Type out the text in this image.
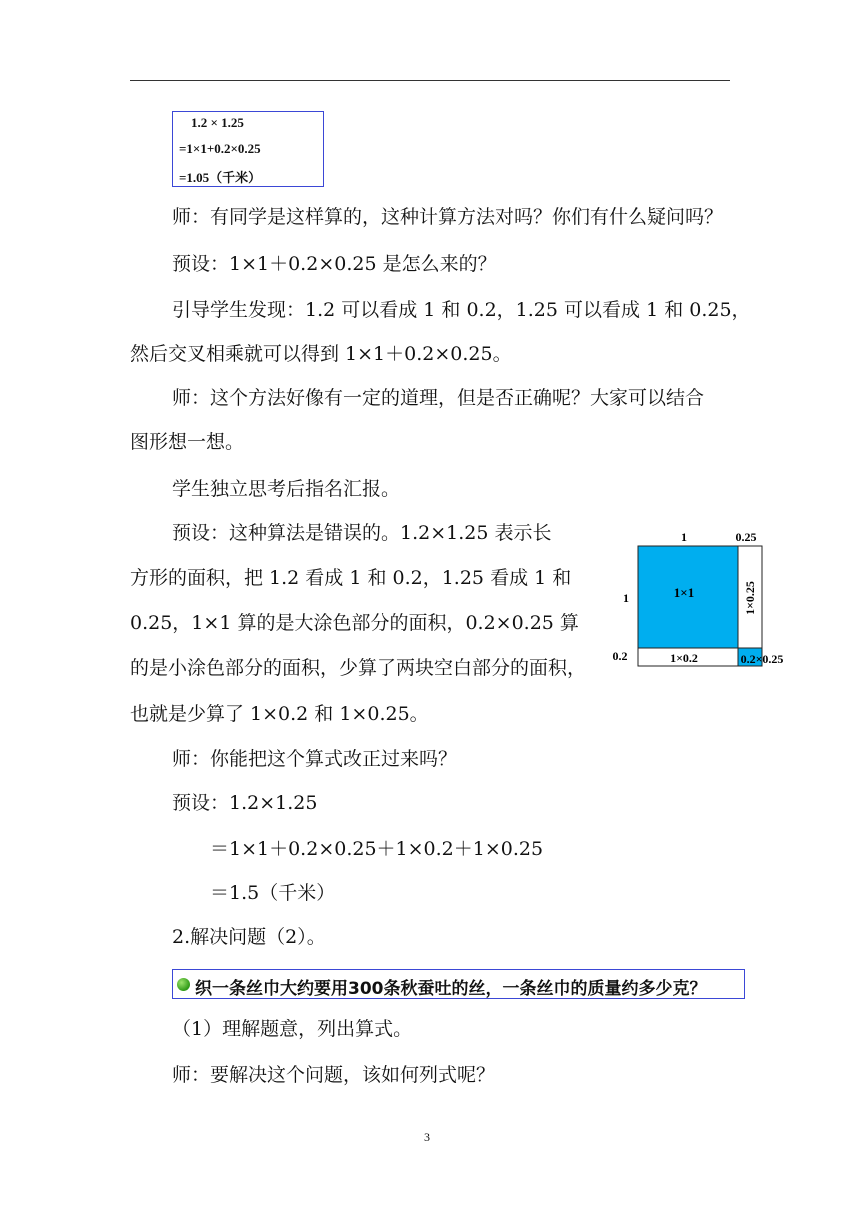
1.2 × 1.25
=1×1+0.2×0.25
=1.05（千米）
师：有同学是这样算的，这种计算方法对吗？你们有什么疑问吗？
预设：1×1＋0.2×0.25 是怎么来的？
引导学生发现：1.2 可以看成 1 和 0.2，1.25 可以看成 1 和 0.25，
然后交叉相乘就可以得到 1×1＋0.2×0.25。
师：这个方法好像有一定的道理，但是否正确呢？大家可以结合
图形想一想。
学生独立思考后指名汇报。
预设：这种算法是错误的。1.2×1.25 表示长
方形的面积，把 1.2 看成 1 和 0.2，1.25 看成 1 和
0.25，1×1 算的是大涂色部分的面积，0.2×0.25 算
的是小涂色部分的面积，少算了两块空白部分的面积，
也就是少算了 1×0.2 和 1×0.25。
师：你能把这个算式改正过来吗？
预设：1.2×1.25
＝1×1＋0.2×0.25＋1×0.2＋1×0.25
＝1.5（千米）
2.解决问题（2）。
织一条丝巾大约要用300条秋蚕吐的丝，一条丝巾的质量约多少克？
（1）理解题意，列出算式。
师：要解决这个问题，该如何列式呢？
1	0.25
1
0.2
1×1	1×0.25
1×0.2	0.2×0.25
3
